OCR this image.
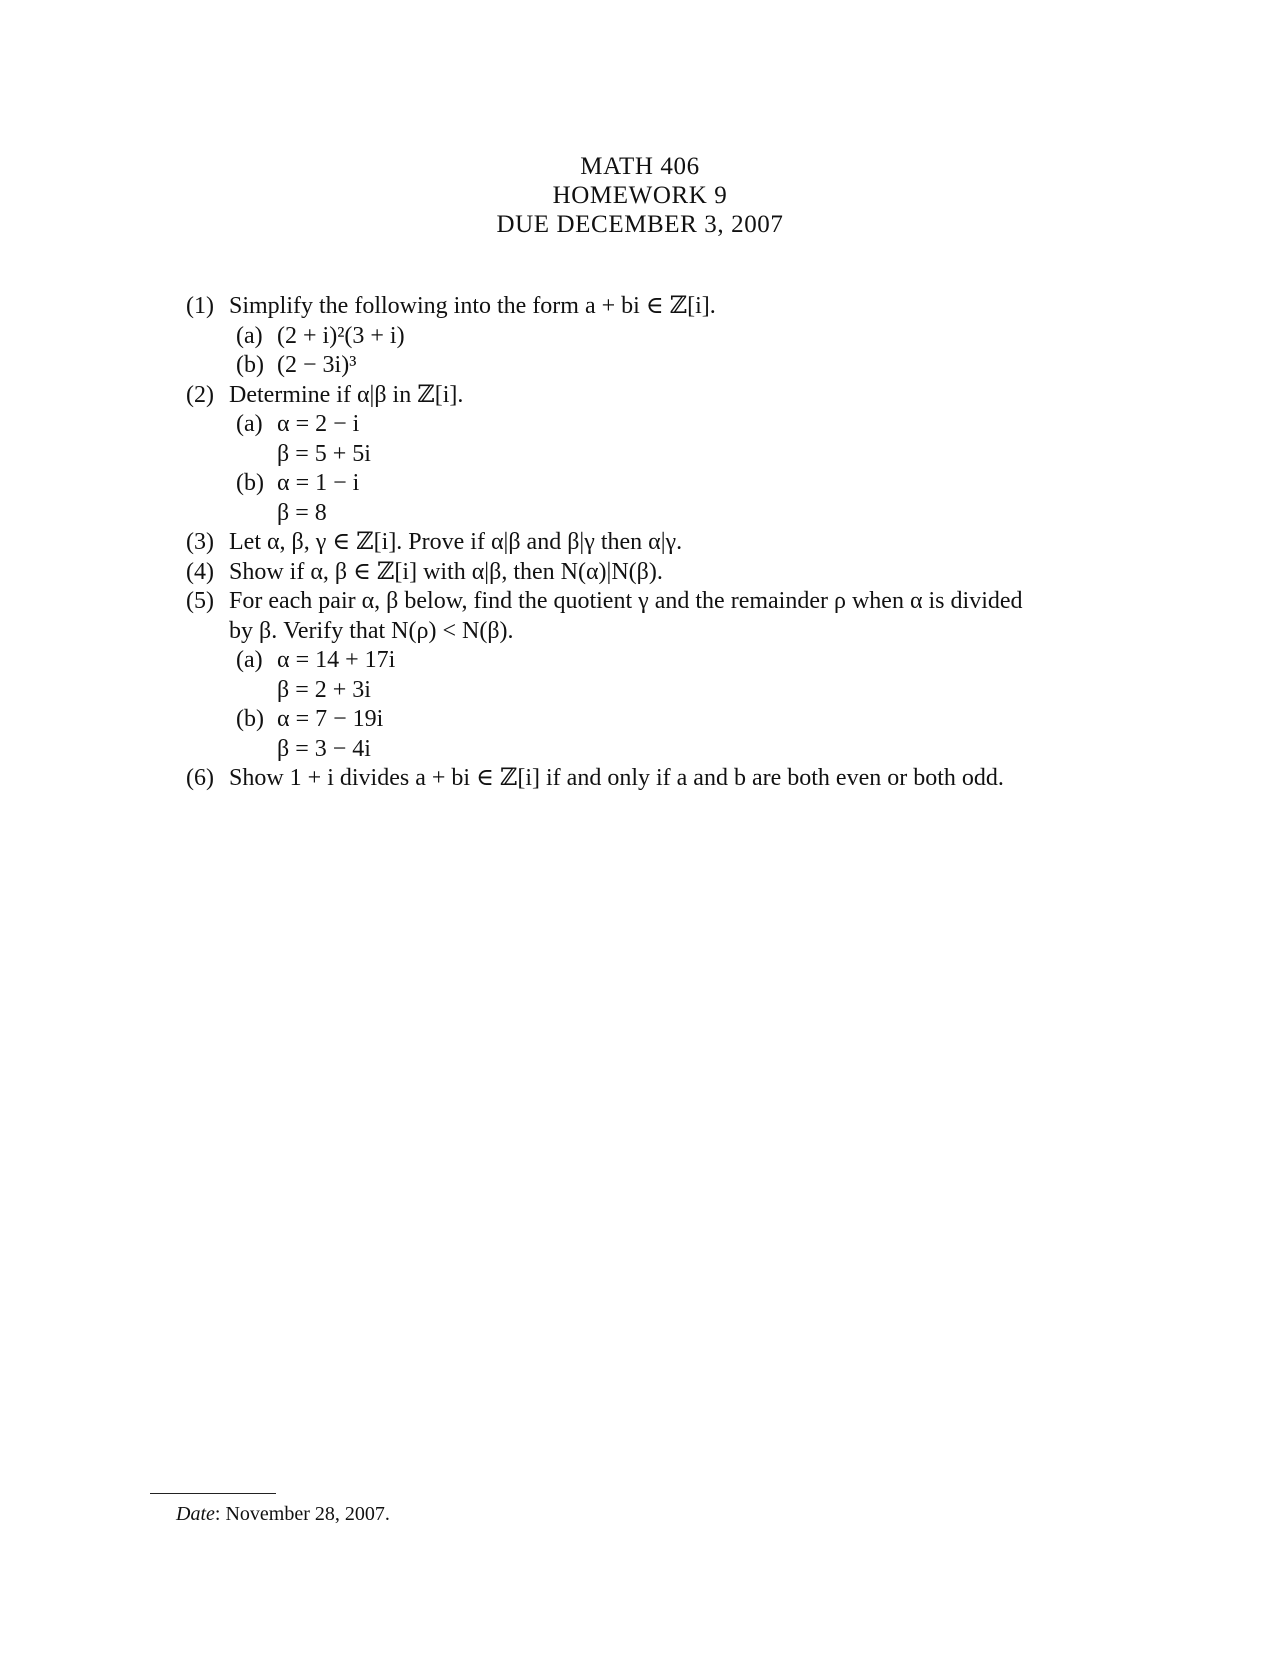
MATH 406
HOMEWORK 9
DUE DECEMBER 3, 2007
(1) Simplify the following into the form a + bi ∈ ℤ[i].
(a) (2 + i)²(3 + i)
(b) (2 − 3i)³
(2) Determine if α|β in ℤ[i].
(a) α = 2 − i
β = 5 + 5i
(b) α = 1 − i
β = 8
(3) Let α, β, γ ∈ ℤ[i]. Prove if α|β and β|γ then α|γ.
(4) Show if α, β ∈ ℤ[i] with α|β, then N(α)|N(β).
(5) For each pair α, β below, find the quotient γ and the remainder ρ when α is divided
by β. Verify that N(ρ) < N(β).
(a) α = 14 + 17i
β = 2 + 3i
(b) α = 7 − 19i
β = 3 − 4i
(6) Show 1 + i divides a + bi ∈ ℤ[i] if and only if a and b are both even or both odd.
Date: November 28, 2007.
